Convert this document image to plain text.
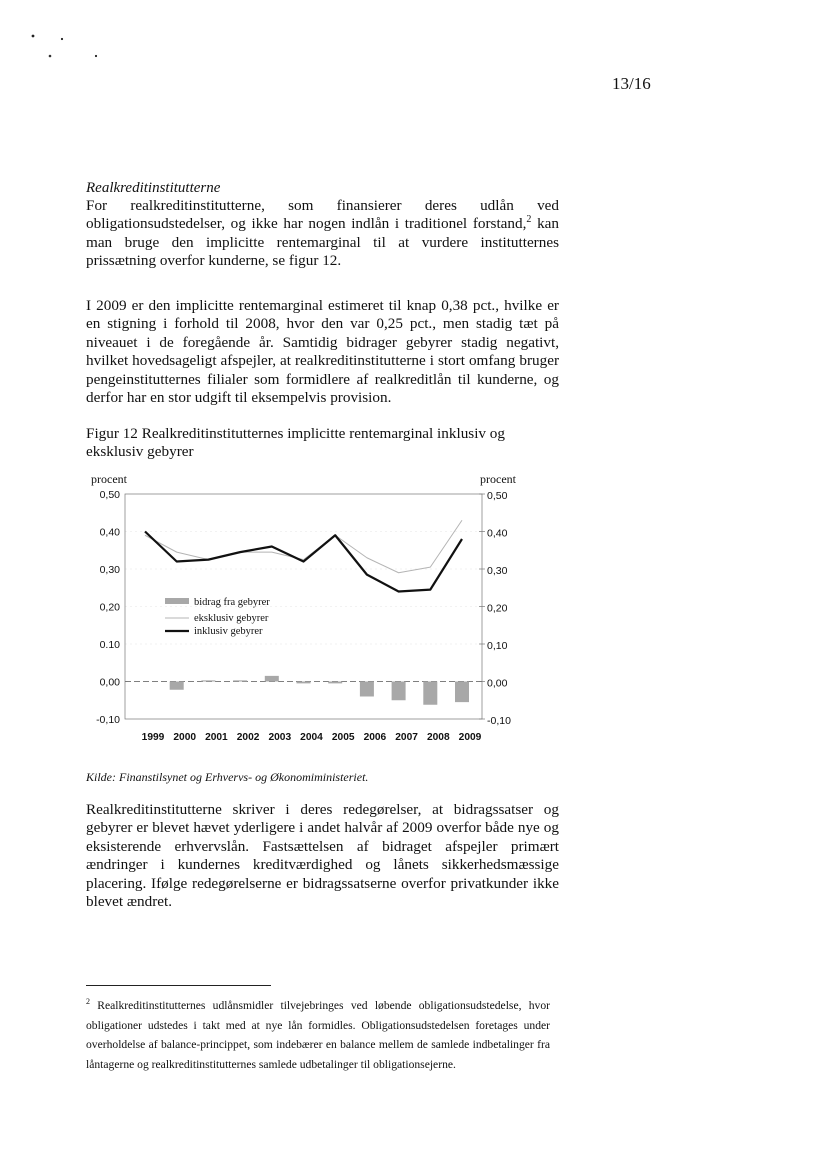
13/16
Realkreditinstitutterne
For realkreditinstitutterne, som finansierer deres udlån ved obligationsudstedelser, og ikke har nogen indlån i traditionel forstand,$^2$ kan man bruge den implicitte rentemarginal til at vurdere institutternes prissætning overfor kunderne, se figur 12.
I 2009 er den implicitte rentemarginal estimeret til knap 0,38 pct., hvilke er en stigning i forhold til 2008, hvor den var 0,25 pct., men stadig tæt på niveauet i de foregående år. Samtidig bidrager gebyrer stadig negativt, hvilket hovedsageligt afspejler, at realkreditinstitutterne i stort omfang bruger pengeinstitutternes filialer som formidlere af realkreditlån til kunderne, og derfor har en stor udgift til eksempelvis provision.
Figur 12 Realkreditinstitutternes implicitte rentemarginal inklusiv og eksklusiv gebyrer
procent	procent
0,50	0,50
0,40	0,40
0,30	0,30
0,20	0,20
0.10	0,10
0,00	0,00
-0,10	-0,10
1999 2000 2001 2002 2003 2004 2005 2006 2007 2008 2009
bidrag fra gebyrer
eksklusiv gebyrer
inklusiv gebyrer
Kilde: Finanstilsynet og Erhvervs- og Økonomiministeriet.
Realkreditinstitutterne skriver i deres redegørelser, at bidragssatser og gebyrer er blevet hævet yderligere i andet halvår af 2009 overfor både nye og eksisterende erhvervslån. Fastsættelsen af bidraget afspejler primært ændringer i kundernes kreditværdighed og lånets sikkerhedsmæssige placering. Ifølge redegørelserne er bidragssatserne overfor privatkunder ikke blevet ændret.
$^2$ Realkreditinstitutternes udlånsmidler tilvejebringes ved løbende obligationsudstedelse, hvor obligationer udstedes i takt med at nye lån formidles. Obligationsudstedelsen foretages under overholdelse af balance-princippet, som indebærer en balance mellem de samlede indbetalinger fra låntagerne og realkreditinstitutternes samlede udbetalinger til obligationsejerne.
